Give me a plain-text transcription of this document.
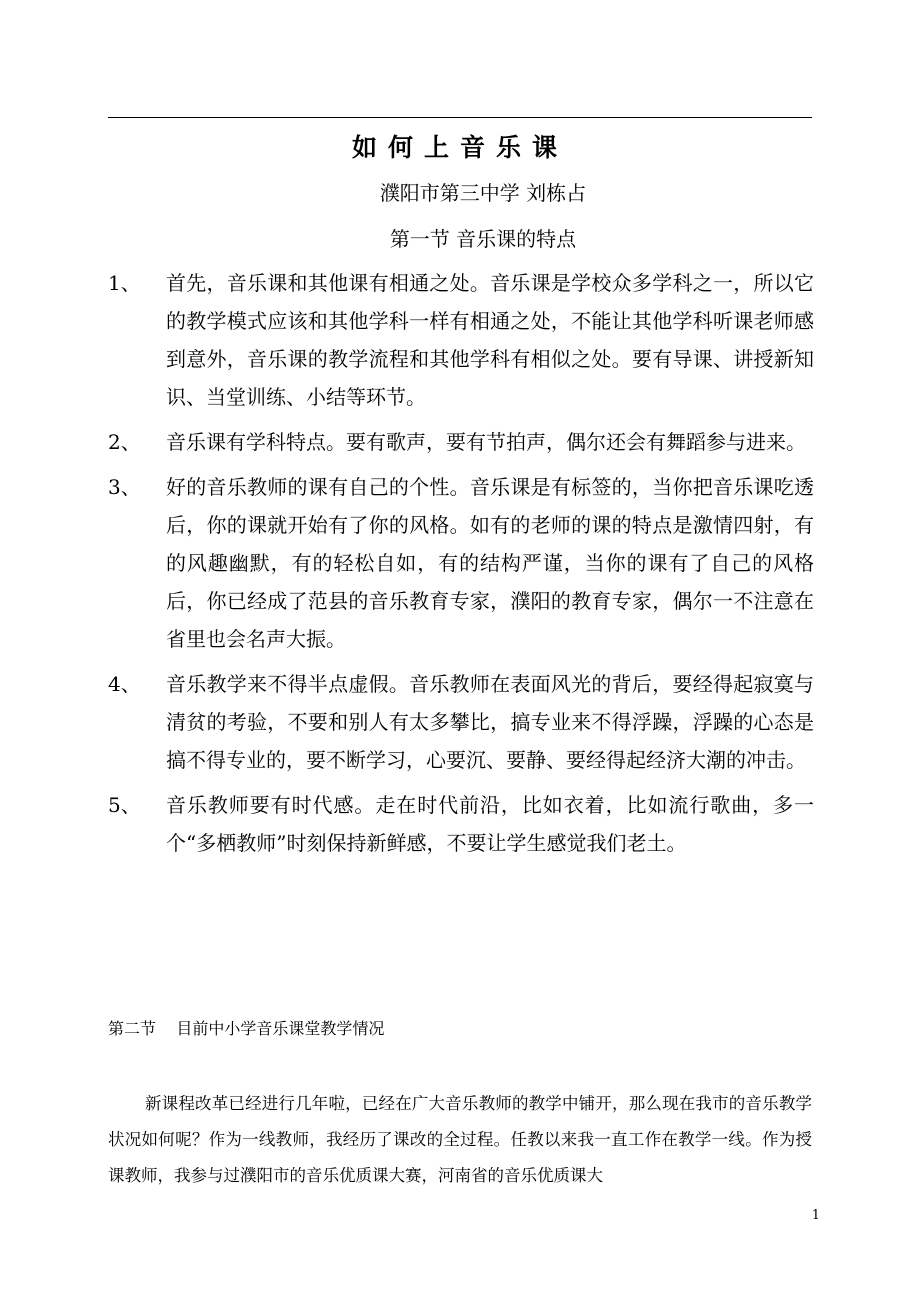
如何上音乐课
濮阳市第三中学 刘栋占
第一节 音乐课的特点
1、	首先，音乐课和其他课有相通之处。音乐课是学校众多学科之一，所以它的教学模式应该和其他学科一样有相通之处，不能让其他学科听课老师感到意外，音乐课的教学流程和其他学科有相似之处。要有导课、讲授新知识、当堂训练、小结等环节。
2、	音乐课有学科特点。要有歌声，要有节拍声，偶尔还会有舞蹈参与进来。
3、	好的音乐教师的课有自己的个性。音乐课是有标签的，当你把音乐课吃透后，你的课就开始有了你的风格。如有的老师的课的特点是激情四射，有的风趣幽默，有的轻松自如，有的结构严谨，当你的课有了自己的风格后，你已经成了范县的音乐教育专家，濮阳的教育专家，偶尔一不注意在省里也会名声大振。
4、	音乐教学来不得半点虚假。音乐教师在表面风光的背后，要经得起寂寞与清贫的考验，不要和别人有太多攀比，搞专业来不得浮躁，浮躁的心态是搞不得专业的，要不断学习，心要沉、要静、要经得起经济大潮的冲击。
5、	音乐教师要有时代感。走在时代前沿，比如衣着，比如流行歌曲，多一个“多栖教师”时刻保持新鲜感，不要让学生感觉我们老土。
第二节    目前中小学音乐课堂教学情况

新课程改革已经进行几年啦，已经在广大音乐教师的教学中铺开，那么现在我市的音乐教学状况如何呢？作为一线教师，我经历了课改的全过程。任教以来我一直工作在教学一线。作为授课教师，我参与过濮阳市的音乐优质课大赛，河南省的音乐优质课大

1
